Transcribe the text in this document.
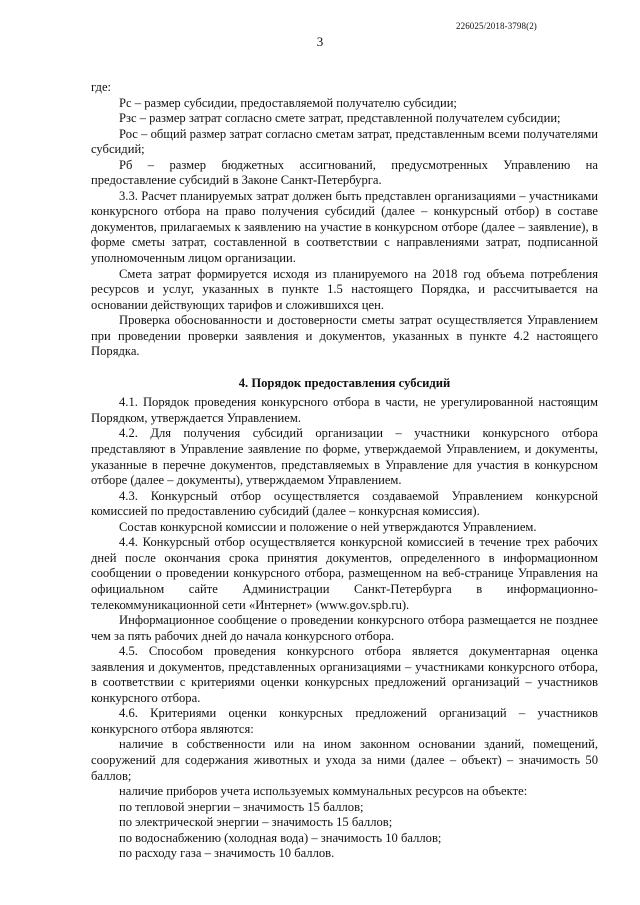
226025/2018-3798(2)
3

где:

Рс – размер субсидии, предоставляемой получателю субсидии;

Рзс – размер затрат согласно смете затрат, представленной получателем субсидии;

Рос – общий размер затрат согласно сметам затрат, представленным всеми получателями субсидий;

Рб – размер бюджетных ассигнований, предусмотренных Управлению на предоставление субсидий в Законе Санкт-Петербурга.

3.3. Расчет планируемых затрат должен быть представлен организациями – участниками конкурсного отбора на право получения субсидий (далее – конкурсный отбор) в составе документов, прилагаемых к заявлению на участие в конкурсном отборе (далее – заявление), в форме сметы затрат, составленной в соответствии с направлениями затрат, подписанной уполномоченным лицом организации.

Смета затрат формируется исходя из планируемого на 2018 год объема потребления ресурсов и услуг, указанных в пункте 1.5 настоящего Порядка, и рассчитывается на основании действующих тарифов и сложившихся цен.

Проверка обоснованности и достоверности сметы затрат осуществляется Управлением при проведении проверки заявления и документов, указанных в пункте 4.2 настоящего Порядка.

4. Порядок предоставления субсидий

4.1. Порядок проведения конкурсного отбора в части, не урегулированной настоящим Порядком, утверждается Управлением.

4.2. Для получения субсидий организации – участники конкурсного отбора представляют в Управление заявление по форме, утверждаемой Управлением, и документы, указанные в перечне документов, представляемых в Управление для участия в конкурсном отборе (далее – документы), утверждаемом Управлением.

4.3. Конкурсный отбор осуществляется создаваемой Управлением конкурсной комиссией по предоставлению субсидий (далее – конкурсная комиссия).

Состав конкурсной комиссии и положение о ней утверждаются Управлением.

4.4. Конкурсный отбор осуществляется конкурсной комиссией в течение трех рабочих дней после окончания срока принятия документов, определенного в информационном сообщении о проведении конкурсного отбора, размещенном на веб-странице Управления на официальном сайте Администрации Санкт-Петербурга в информационно-телекоммуникационной сети «Интернет» (www.gov.spb.ru).

Информационное сообщение о проведении конкурсного отбора размещается не позднее чем за пять рабочих дней до начала конкурсного отбора.

4.5. Способом проведения конкурсного отбора является документарная оценка заявления и документов, представленных организациями – участниками конкурсного отбора, в соответствии с критериями оценки конкурсных предложений организаций – участников конкурсного отбора.

4.6. Критериями оценки конкурсных предложений организаций – участников конкурсного отбора являются:

наличие в собственности или на ином законном основании зданий, помещений, сооружений для содержания животных и ухода за ними (далее – объект) – значимость 50 баллов;

наличие приборов учета используемых коммунальных ресурсов на объекте:

по тепловой энергии – значимость 15 баллов;

по электрической энергии – значимость 15 баллов;

по водоснабжению (холодная вода) – значимость 10 баллов;

по расходу газа – значимость 10 баллов.
